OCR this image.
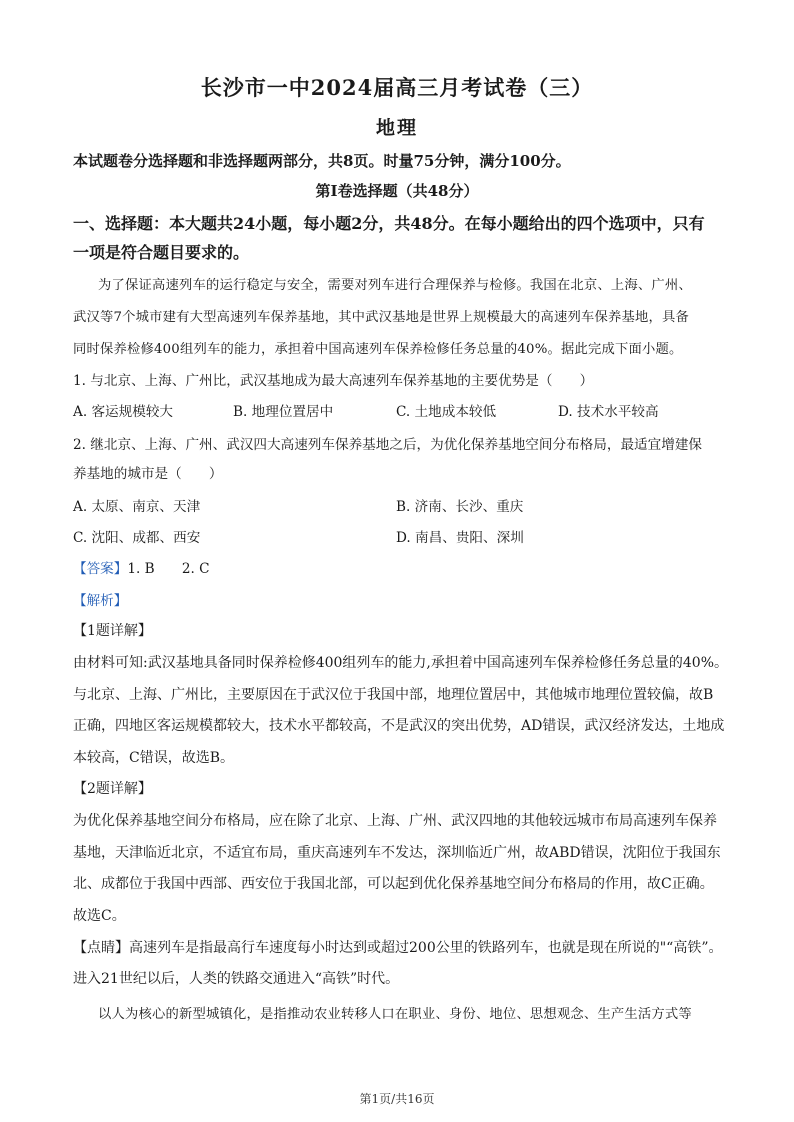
长沙市一中2024届高三月考试卷（三）
地理
本试题卷分选择题和非选择题两部分，共8页。时量75分钟，满分100分。
第Ⅰ卷选择题（共48分）
一、选择题：本大题共24小题，每小题2分，共48分。在每小题给出的四个选项中，只有
一项是符合题目要求的。
为了保证高速列车的运行稳定与安全，需要对列车进行合理保养与检修。我国在北京、上海、广州、
武汉等7个城市建有大型高速列车保养基地，其中武汉基地是世界上规模最大的高速列车保养基地，具备
同时保养检修400组列车的能力，承担着中国高速列车保养检修任务总量的40%。据此完成下面小题。
1. 与北京、上海、广州比，武汉基地成为最大高速列车保养基地的主要优势是（　　）
A. 客运规模较大	B. 地理位置居中	C. 土地成本较低	D. 技术水平较高
2. 继北京、上海、广州、武汉四大高速列车保养基地之后，为优化保养基地空间分布格局，最适宜增建保
养基地的城市是（　　）
A. 太原、南京、天津	B. 济南、长沙、重庆
C. 沈阳、成都、西安	D. 南昌、贵阳、深圳
【答案】1. B　　2. C
【解析】
【1题详解】
由材料可知:武汉基地具备同时保养检修400组列车的能力,承担着中国高速列车保养检修任务总量的40%。
与北京、上海、广州比，主要原因在于武汉位于我国中部，地理位置居中，其他城市地理位置较偏，故B
正确，四地区客运规模都较大，技术水平都较高，不是武汉的突出优势，AD错误，武汉经济发达，土地成
本较高，C错误，故选B。
【2题详解】
为优化保养基地空间分布格局，应在除了北京、上海、广州、武汉四地的其他较远城市布局高速列车保养
基地，天津临近北京，不适宜布局，重庆高速列车不发达，深圳临近广州，故ABD错误，沈阳位于我国东
北、成都位于我国中西部、西安位于我国北部，可以起到优化保养基地空间分布格局的作用，故C正确。
故选C。
【点睛】高速列车是指最高行车速度每小时达到或超过200公里的铁路列车，也就是现在所说的"“高铁”。
进入21世纪以后，人类的铁路交通进入“高铁”时代。
以人为核心的新型城镇化，是指推动农业转移人口在职业、身份、地位、思想观念、生产生活方式等
第1页/共16页
